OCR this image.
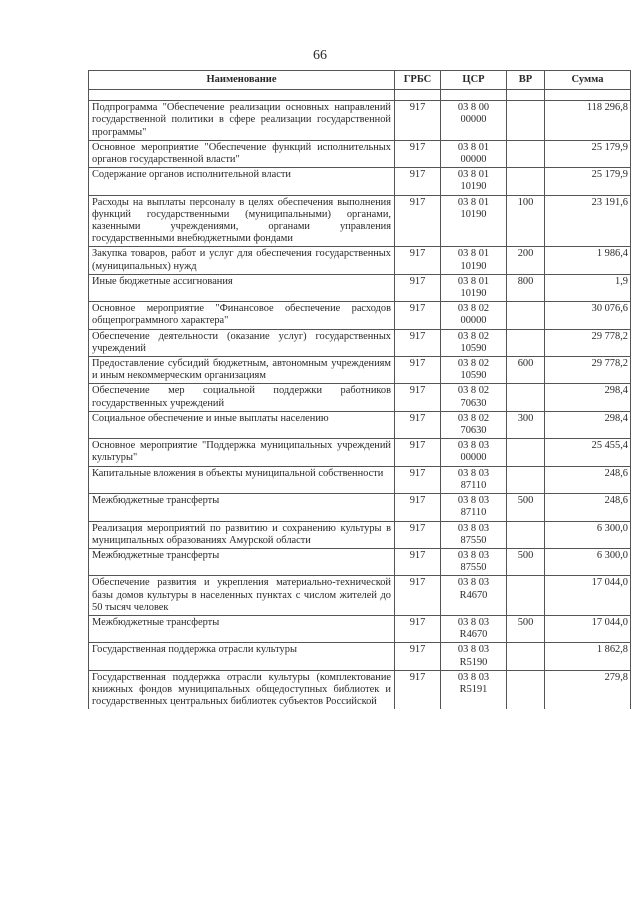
66
Наименование	ГРБС	ЦСР	ВР	Сумма

Подпрограмма "Обеспечение реализации основных направлений государственной политики в сфере реализации государственной программы"	917	03 8 00 00000		118 296,8
Основное мероприятие "Обеспечение функций исполнительных органов государственной власти"	917	03 8 01 00000		25 179,9
Содержание органов исполнительной власти	917	03 8 01 10190		25 179,9
Расходы на выплаты персоналу в целях обеспечения выполнения функций государственными (муниципальными) органами, казенными учреждениями, органами управления государственными внебюджетными фондами	917	03 8 01 10190	100	23 191,6
Закупка товаров, работ и услуг для обеспечения государственных (муниципальных) нужд	917	03 8 01 10190	200	1 986,4
Иные бюджетные ассигнования	917	03 8 01 10190	800	1,9
Основное мероприятие "Финансовое обеспечение расходов общепрограммного характера"	917	03 8 02 00000		30 076,6
Обеспечение деятельности (оказание услуг) государственных учреждений	917	03 8 02 10590		29 778,2
Предоставление субсидий бюджетным, автономным учреждениям и иным некоммерческим организациям	917	03 8 02 10590	600	29 778,2
Обеспечение мер социальной поддержки работников государственных учреждений	917	03 8 02 70630		298,4
Социальное обеспечение и иные выплаты населению	917	03 8 02 70630	300	298,4
Основное мероприятие "Поддержка муниципальных учреждений культуры"	917	03 8 03 00000		25 455,4
Капитальные вложения в объекты муниципальной собственности	917	03 8 03 87110		248,6
Межбюджетные трансферты	917	03 8 03 87110	500	248,6
Реализация мероприятий по развитию и сохранению культуры в муниципальных образованиях Амурской области	917	03 8 03 87550		6 300,0
Межбюджетные трансферты	917	03 8 03 87550	500	6 300,0
Обеспечение развития и укрепления материально-технической базы домов культуры в населенных пунктах с числом жителей до 50 тысяч человек	917	03 8 03 R4670		17 044,0
Межбюджетные трансферты	917	03 8 03 R4670	500	17 044,0
Государственная поддержка отрасли культуры	917	03 8 03 R5190		1 862,8
Государственная поддержка отрасли культуры (комплектование книжных фондов муниципальных общедоступных библиотек и государственных центральных библиотек субъектов Российской	917	03 8 03 R5191		279,8
